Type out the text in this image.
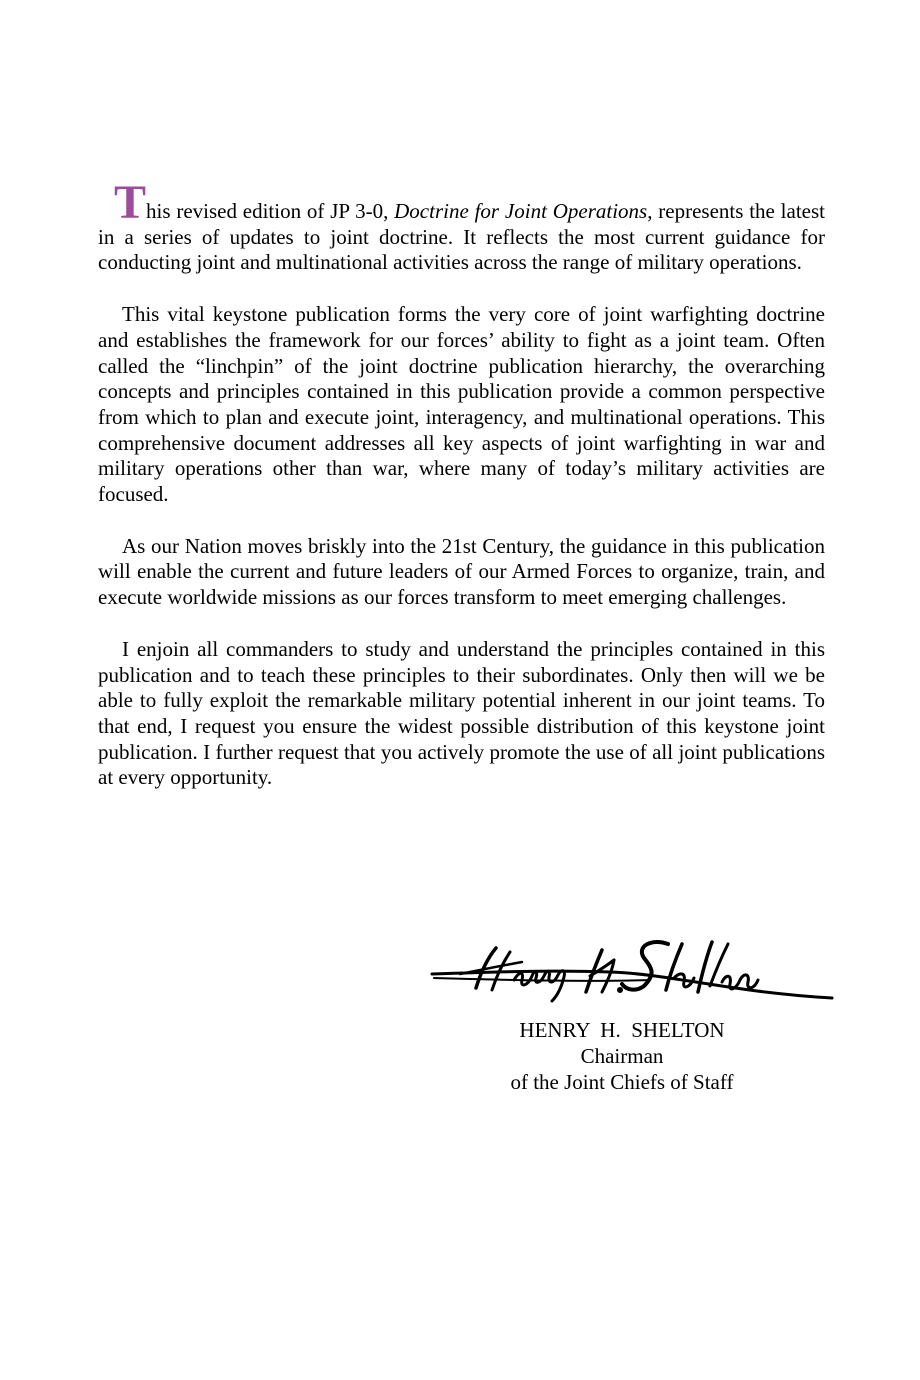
This revised edition of JP 3-0, Doctrine for Joint Operations, represents the latest in a series of updates to joint doctrine. It reflects the most current guidance for conducting joint and multinational activities across the range of military operations.

This vital keystone publication forms the very core of joint warfighting doctrine and establishes the framework for our forces’ ability to fight as a joint team. Often called the “linchpin” of the joint doctrine publication hierarchy, the overarching concepts and principles contained in this publication provide a common perspective from which to plan and execute joint, interagency, and multinational operations. This comprehensive document addresses all key aspects of joint warfighting in war and military operations other than war, where many of today’s military activities are focused.

As our Nation moves briskly into the 21st Century, the guidance in this publication will enable the current and future leaders of our Armed Forces to organize, train, and execute worldwide missions as our forces transform to meet emerging challenges.

I enjoin all commanders to study and understand the principles contained in this publication and to teach these principles to their subordinates. Only then will we be able to fully exploit the remarkable military potential inherent in our joint teams. To that end, I request you ensure the widest possible distribution of this keystone joint publication. I further request that you actively promote the use of all joint publications at every opportunity.

HENRY  H.  SHELTON
Chairman
of the Joint Chiefs of Staff
